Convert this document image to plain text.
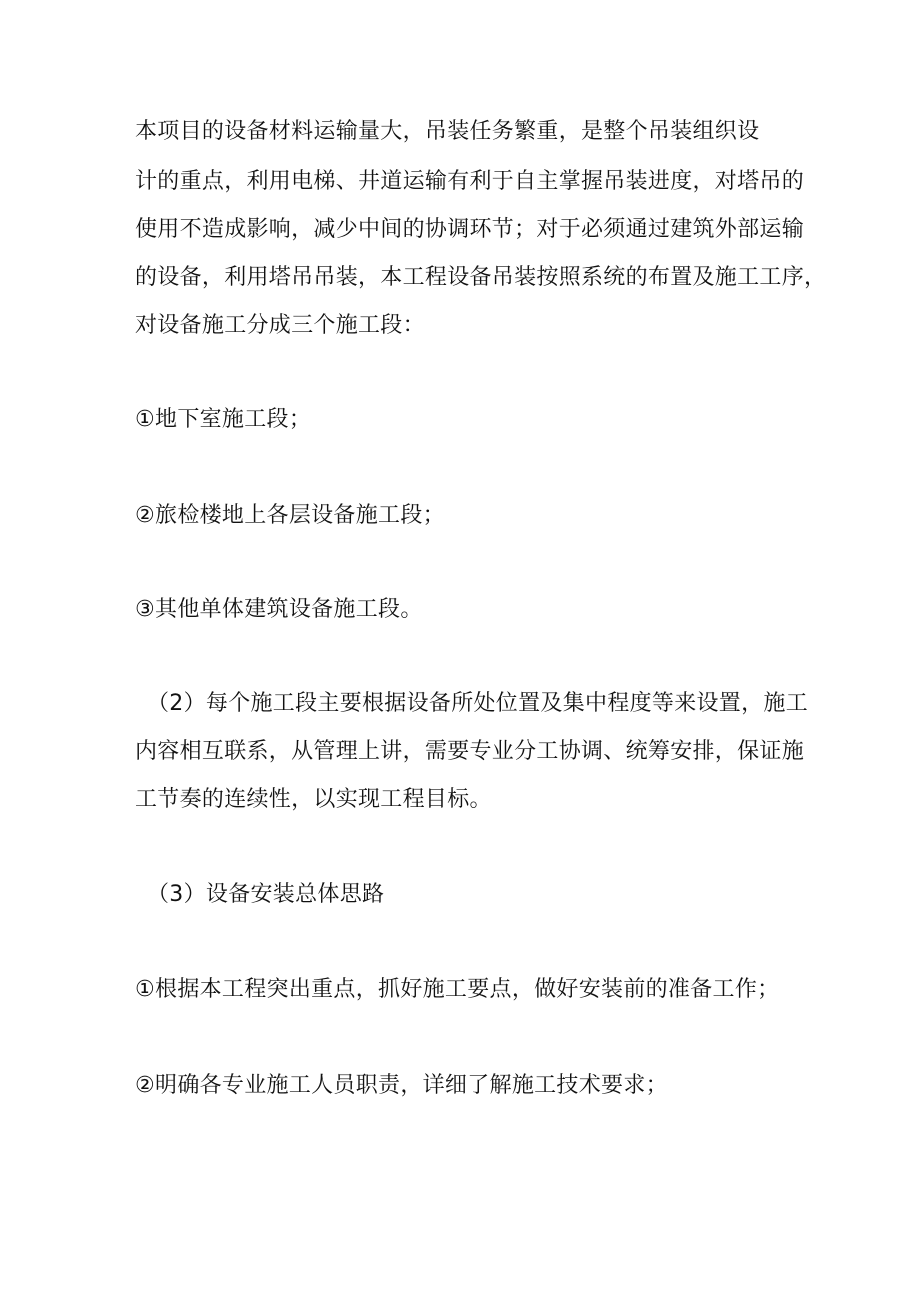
本项目的设备材料运输量大，吊装任务繁重，是整个吊装组织设
计的重点，利用电梯、井道运输有利于自主掌握吊装进度，对塔吊的
使用不造成影响，减少中间的协调环节；对于必须通过建筑外部运输
的设备，利用塔吊吊装，本工程设备吊装按照系统的布置及施工工序，
对设备施工分成三个施工段：
①地下室施工段；
②旅检楼地上各层设备施工段；
③其他单体建筑设备施工段。
（2）每个施工段主要根据设备所处位置及集中程度等来设置，施工
内容相互联系，从管理上讲，需要专业分工协调、统筹安排，保证施
工节奏的连续性，以实现工程目标。
（3）设备安装总体思路
①根据本工程突出重点，抓好施工要点，做好安装前的准备工作；
②明确各专业施工人员职责，详细了解施工技术要求；
